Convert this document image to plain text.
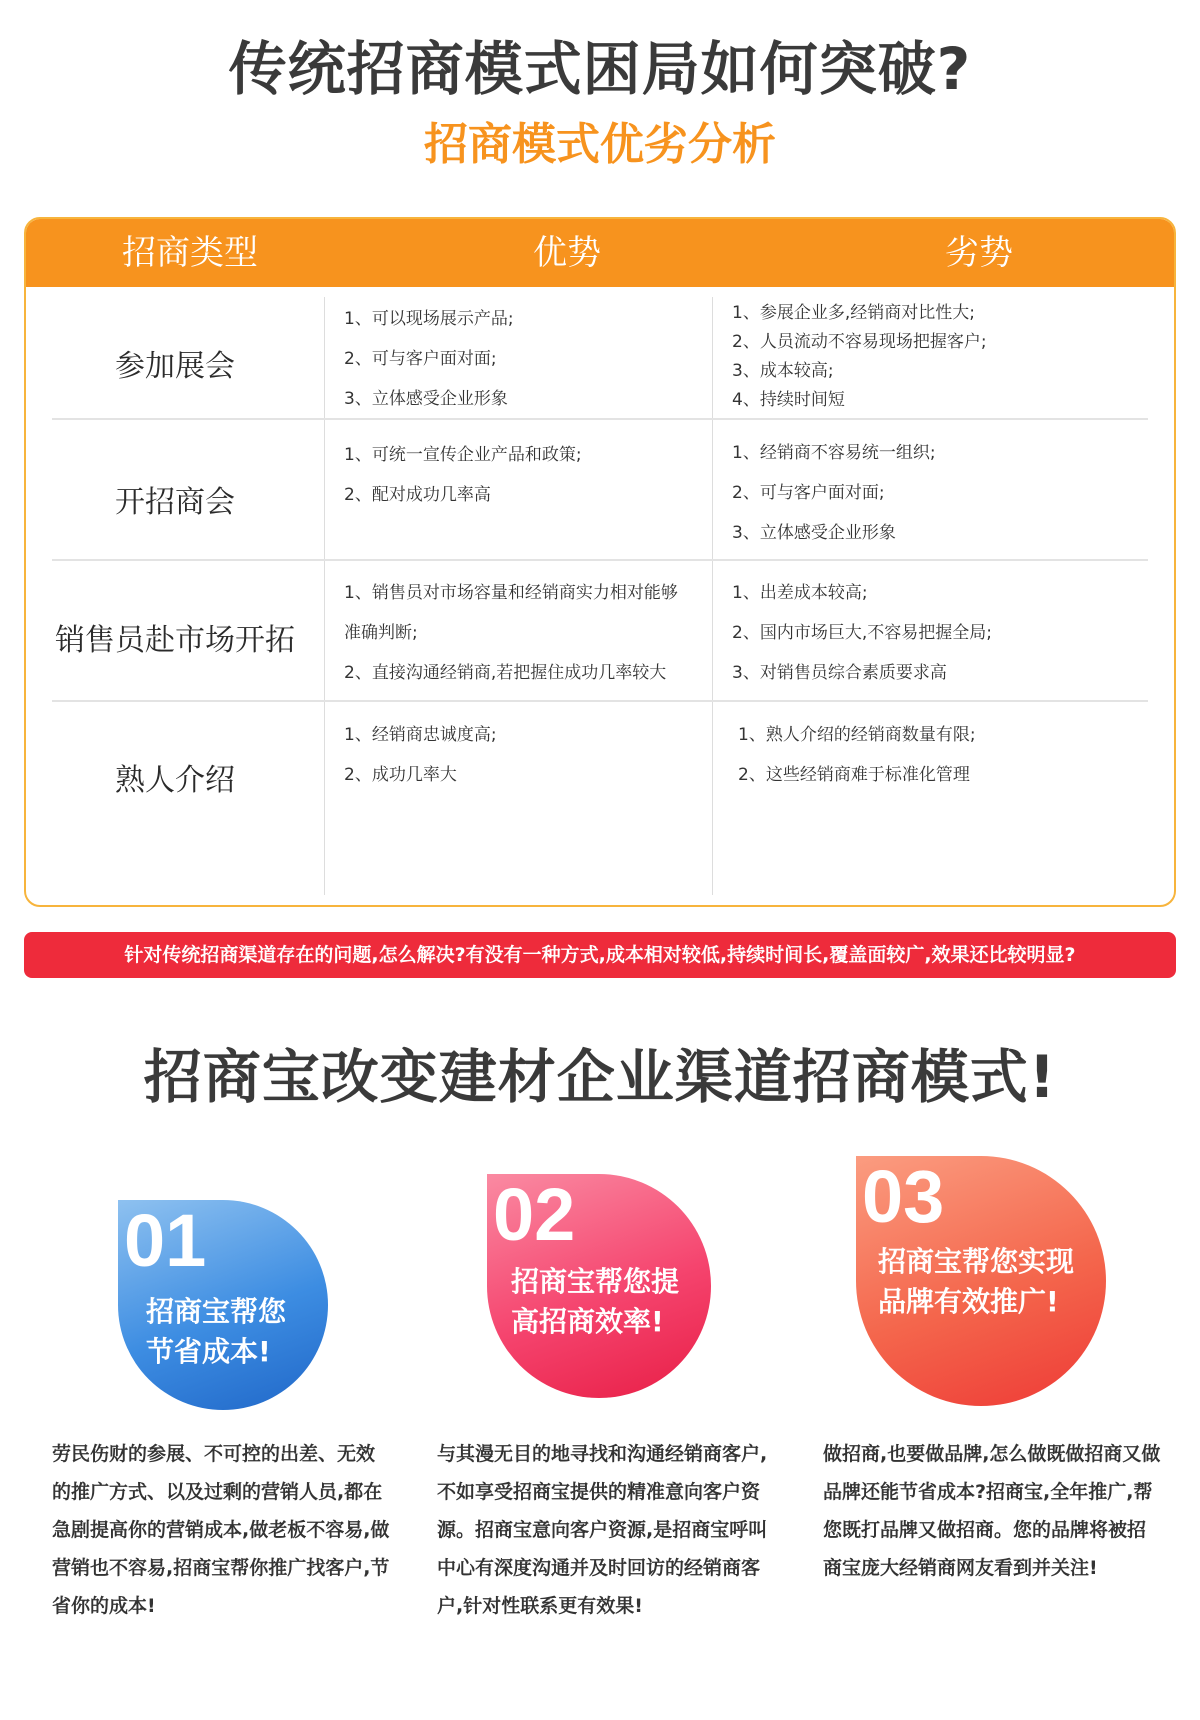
传统招商模式困局如何突破?
招商模式优劣分析
招商类型	优势	劣势
参加展会
1、可以现场展示产品;
2、可与客户面对面;
3、立体感受企业形象
1、参展企业多,经销商对比性大;
2、人员流动不容易现场把握客户;
3、成本较高;
4、持续时间短
开招商会
1、可统一宣传企业产品和政策;
2、配对成功几率高
1、经销商不容易统一组织;
2、可与客户面对面;
3、立体感受企业形象
销售员赴市场开拓
1、销售员对市场容量和经销商实力相对能够
准确判断;
2、直接沟通经销商,若把握住成功几率较大
1、出差成本较高;
2、国内市场巨大,不容易把握全局;
3、对销售员综合素质要求高
熟人介绍
1、经销商忠诚度高;
2、成功几率大
1、熟人介绍的经销商数量有限;
2、这些经销商难于标准化管理
针对传统招商渠道存在的问题,怎么解决?有没有一种方式,成本相对较低,持续时间长,覆盖面较广,效果还比较明显?
招商宝改变建材企业渠道招商模式!
01
招商宝帮您
节省成本!
劳民伤财的参展、不可控的出差、无效的推广方式、以及过剩的营销人员,都在急剧提高你的营销成本,做老板不容易,做营销也不容易,招商宝帮你推广找客户,节省你的成本!
02
招商宝帮您提
高招商效率!
与其漫无目的地寻找和沟通经销商客户,不如享受招商宝提供的精准意向客户资源。招商宝意向客户资源,是招商宝呼叫中心有深度沟通并及时回访的经销商客户,针对性联系更有效果!
03
招商宝帮您实现
品牌有效推广!
做招商,也要做品牌,怎么做既做招商又做品牌还能节省成本?招商宝,全年推广,帮您既打品牌又做招商。您的品牌将被招商宝庞大经销商网友看到并关注!
